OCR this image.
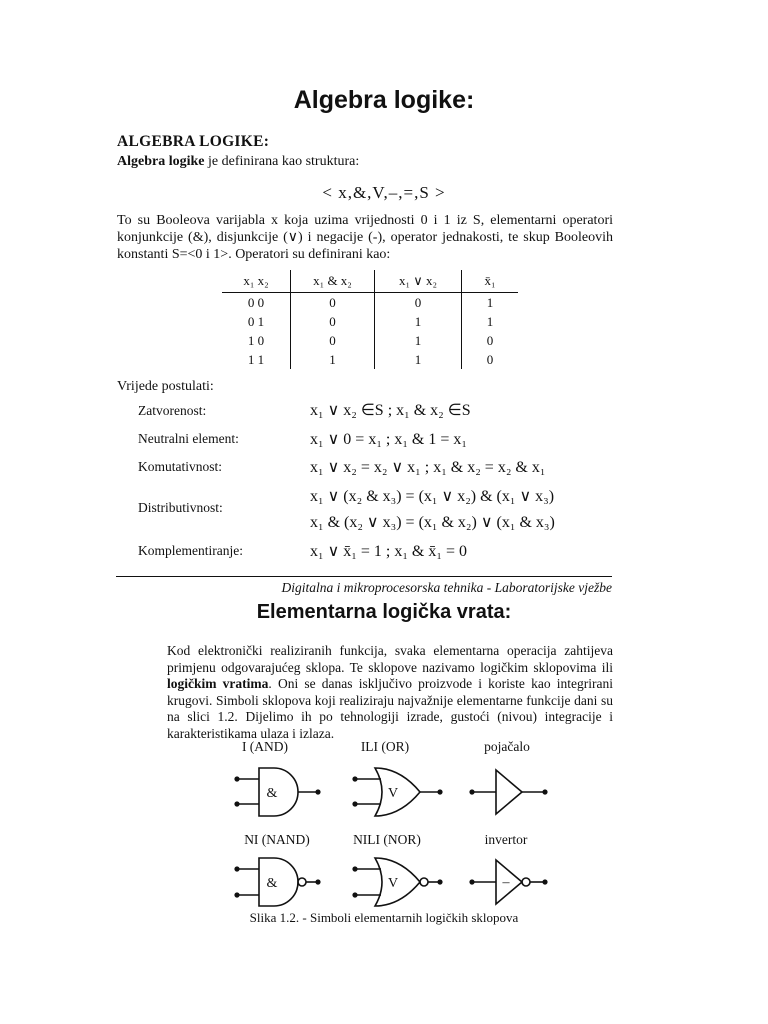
Algebra logike:
ALGEBRA LOGIKE:
Algebra logike je definirana kao struktura:
< x,&,V,–,=,S >
To su Booleova varijabla x koja uzima vrijednosti 0 i 1 iz S, elementarni operatori konjunkcije (&), disjunkcije (∨) i negacije (-), operator jednakosti, te skup Booleovih konstanti S=<0 i 1>. Operatori su definirani kao:
x₁ x₂	x₁ & x₂	x₁ ∨ x₂	x̄₁
0 0	0	0	1
0 1	0	1	1
1 0	0	1	0
1 1	1	1	0
Vrijede postulati:
Zatvorenost:	x₁ ∨ x₂ ∈S ; x₁ & x₂ ∈S
Neutralni element:	x₁ ∨ 0 = x₁ ; x₁ & 1 = x₁
Komutativnost:	x₁ ∨ x₂ = x₂ ∨ x₁ ; x₁ & x₂ = x₂ & x₁
Distributivnost:
x₁ ∨ (x₂ & x₃) = (x₁ ∨ x₂) & (x₁ ∨ x₃)
x₁ & (x₂ ∨ x₃) = (x₁ & x₂) ∨ (x₁ & x₃)
Komplementiranje:	x₁ ∨ x̄₁ = 1 ; x₁ & x̄₁ = 0
Digitalna i mikroprocesorska tehnika - Laboratorijske vježbe
Elementarna logička vrata:
Kod elektronički realiziranih funkcija, svaka elementarna operacija zahtijeva primjenu odgovarajućeg sklopa. Te sklopove nazivamo logičkim sklopovima ili logičkim vratima. Oni se danas isključivo proizvode i koriste kao integrirani krugovi. Simboli sklopova koji realiziraju najvažnije elementarne funkcije dani su na slici 1.2. Dijelimo ih po tehnologiji izrade, gustoći (nivou) integracije i karakteristikama ulaza i izlaza.
I (AND)	ILI (OR)	pojačalo
NI (NAND)	NILI (NOR)	invertor
&	V
&	V	–
Slika 1.2. - Simboli elementarnih logičkih sklopova
